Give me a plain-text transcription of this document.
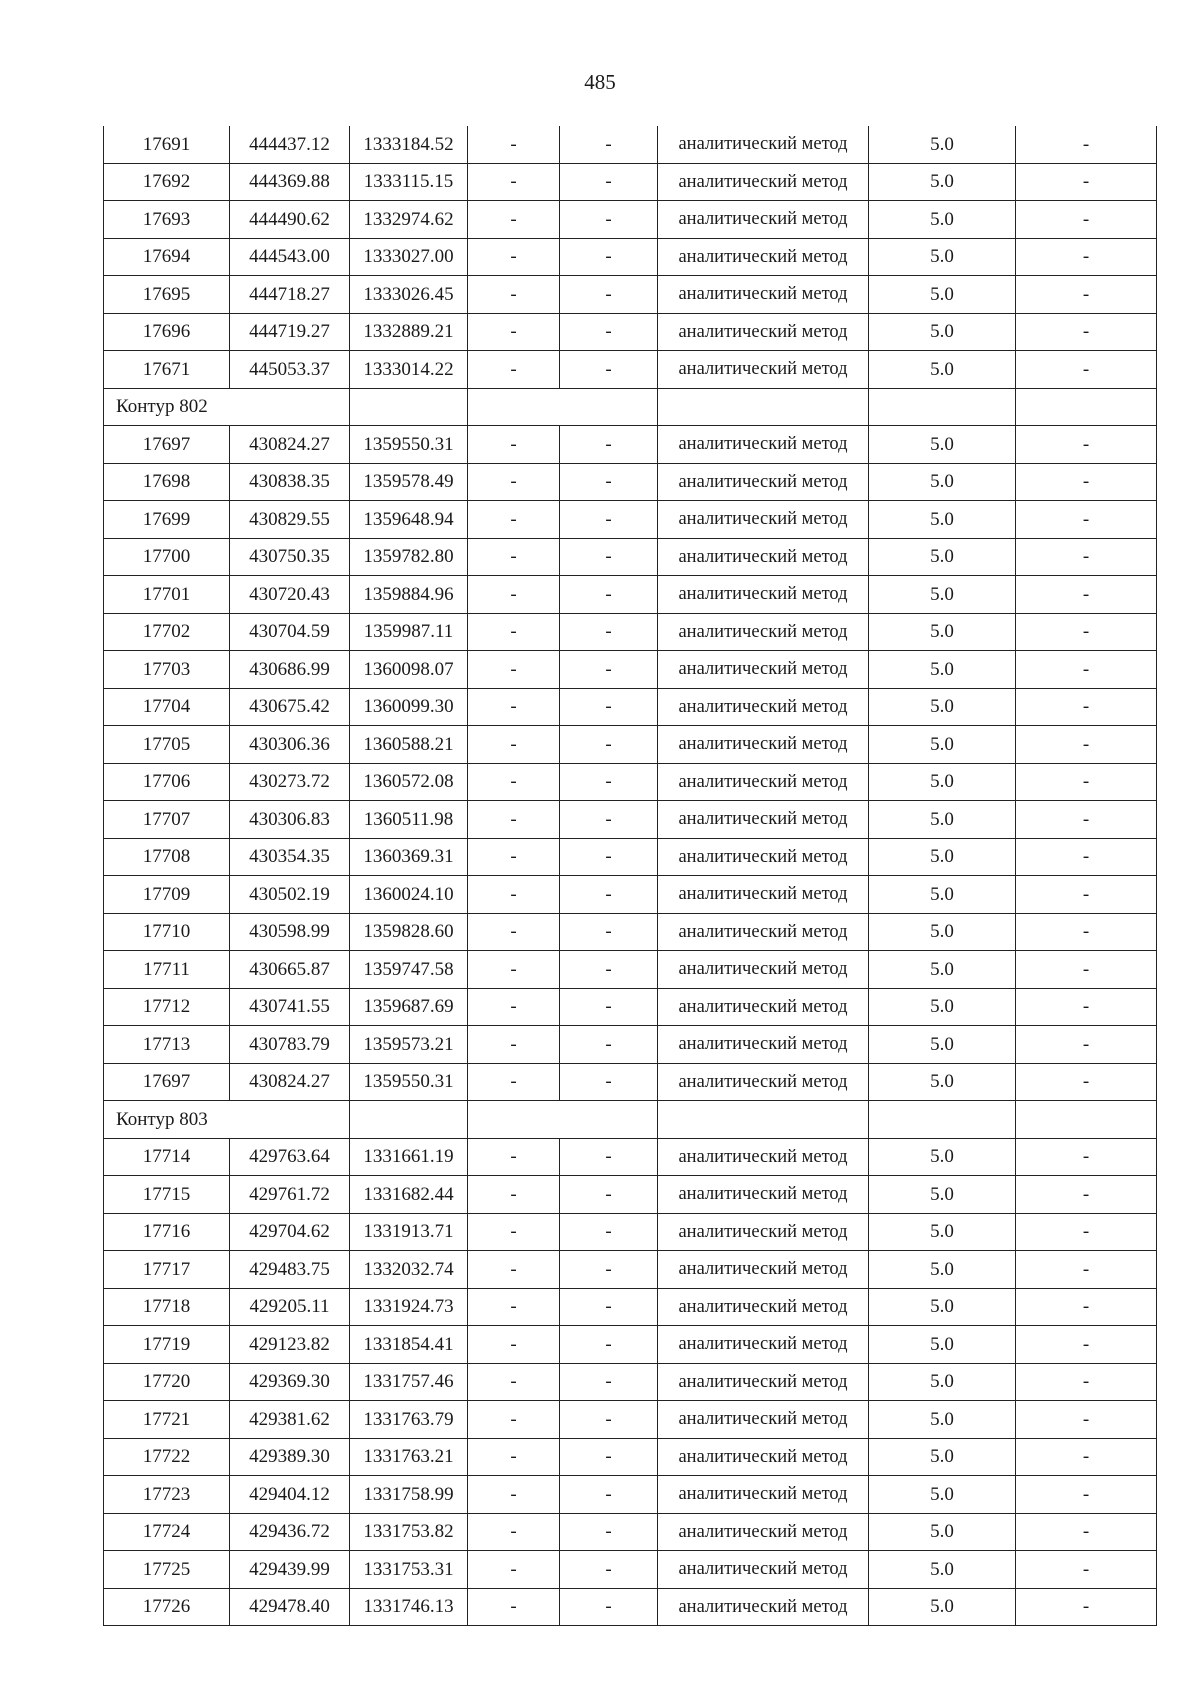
485
17691	444437.12	1333184.52	-	-	аналитический метод	5.0	-
17692	444369.88	1333115.15	-	-	аналитический метод	5.0	-
17693	444490.62	1332974.62	-	-	аналитический метод	5.0	-
17694	444543.00	1333027.00	-	-	аналитический метод	5.0	-
17695	444718.27	1333026.45	-	-	аналитический метод	5.0	-
17696	444719.27	1332889.21	-	-	аналитический метод	5.0	-
17671	445053.37	1333014.22	-	-	аналитический метод	5.0	-
Контур 802							
17697	430824.27	1359550.31	-	-	аналитический метод	5.0	-
17698	430838.35	1359578.49	-	-	аналитический метод	5.0	-
17699	430829.55	1359648.94	-	-	аналитический метод	5.0	-
17700	430750.35	1359782.80	-	-	аналитический метод	5.0	-
17701	430720.43	1359884.96	-	-	аналитический метод	5.0	-
17702	430704.59	1359987.11	-	-	аналитический метод	5.0	-
17703	430686.99	1360098.07	-	-	аналитический метод	5.0	-
17704	430675.42	1360099.30	-	-	аналитический метод	5.0	-
17705	430306.36	1360588.21	-	-	аналитический метод	5.0	-
17706	430273.72	1360572.08	-	-	аналитический метод	5.0	-
17707	430306.83	1360511.98	-	-	аналитический метод	5.0	-
17708	430354.35	1360369.31	-	-	аналитический метод	5.0	-
17709	430502.19	1360024.10	-	-	аналитический метод	5.0	-
17710	430598.99	1359828.60	-	-	аналитический метод	5.0	-
17711	430665.87	1359747.58	-	-	аналитический метод	5.0	-
17712	430741.55	1359687.69	-	-	аналитический метод	5.0	-
17713	430783.79	1359573.21	-	-	аналитический метод	5.0	-
17697	430824.27	1359550.31	-	-	аналитический метод	5.0	-
Контур 803							
17714	429763.64	1331661.19	-	-	аналитический метод	5.0	-
17715	429761.72	1331682.44	-	-	аналитический метод	5.0	-
17716	429704.62	1331913.71	-	-	аналитический метод	5.0	-
17717	429483.75	1332032.74	-	-	аналитический метод	5.0	-
17718	429205.11	1331924.73	-	-	аналитический метод	5.0	-
17719	429123.82	1331854.41	-	-	аналитический метод	5.0	-
17720	429369.30	1331757.46	-	-	аналитический метод	5.0	-
17721	429381.62	1331763.79	-	-	аналитический метод	5.0	-
17722	429389.30	1331763.21	-	-	аналитический метод	5.0	-
17723	429404.12	1331758.99	-	-	аналитический метод	5.0	-
17724	429436.72	1331753.82	-	-	аналитический метод	5.0	-
17725	429439.99	1331753.31	-	-	аналитический метод	5.0	-
17726	429478.40	1331746.13	-	-	аналитический метод	5.0	-
